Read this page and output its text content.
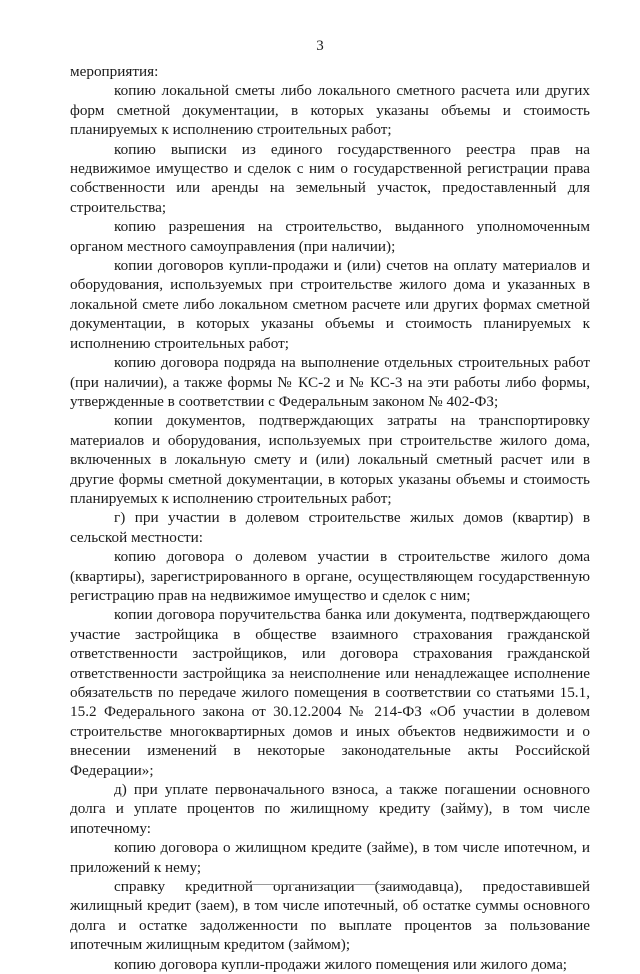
3

мероприятия:

копию локальной сметы либо локального сметного расчета или других форм сметной документации, в которых указаны объемы и стоимость планируемых к исполнению строительных работ;

копию выписки из единого государственного реестра прав на недвижимое имущество и сделок с ним о государственной регистрации права собственности или аренды на земельный участок, предоставленный для строительства;

копию разрешения на строительство, выданного уполномоченным органом местного самоуправления (при наличии);

копии договоров купли-продажи и (или) счетов на оплату материалов и оборудования, используемых при строительстве жилого дома и указанных в локальной смете либо локальном сметном расчете или других формах сметной документации, в которых указаны объемы и стоимость планируемых к исполнению строительных работ;

копию договора подряда на выполнение отдельных строительных работ (при наличии), а также формы № КС-2 и № КС-3 на эти работы либо формы, утвержденные в соответствии с Федеральным законом № 402-ФЗ;

копии документов, подтверждающих затраты на транспортировку материалов и оборудования, используемых при строительстве жилого дома, включенных в локальную смету и (или) локальный сметный расчет или в другие формы сметной документации, в которых указаны объемы и стоимость планируемых к исполнению строительных работ;

г) при участии в долевом строительстве жилых домов (квартир) в сельской местности:

копию договора о долевом участии в строительстве жилого дома (квартиры), зарегистрированного в органе, осуществляющем государственную регистрацию прав на недвижимое имущество и сделок с ним;

копии договора поручительства банка или документа, подтверждающего участие застройщика в обществе взаимного страхования гражданской ответственности застройщиков, или договора страхования гражданской ответственности застройщика за неисполнение или ненадлежащее исполнение обязательств по передаче жилого помещения в соответствии со статьями 15.1, 15.2 Федерального закона от 30.12.2004 № 214-ФЗ «Об участии в долевом строительстве многоквартирных домов и иных объектов недвижимости и о внесении изменений в некоторые законодательные акты Российской Федерации»;

д) при уплате первоначального взноса, а также погашении основного долга и уплате процентов по жилищному кредиту (займу), в том числе ипотечному:

копию договора о жилищном кредите (займе), в том числе ипотечном, и приложений к нему;

справку кредитной организации (заимодавца), предоставившей жилищный кредит (заем), в том числе ипотечный, об остатке суммы основного долга и остатке задолженности по выплате процентов за пользование ипотечным жилищным кредитом (займом);

копию договора купли-продажи жилого помещения или жилого дома;
